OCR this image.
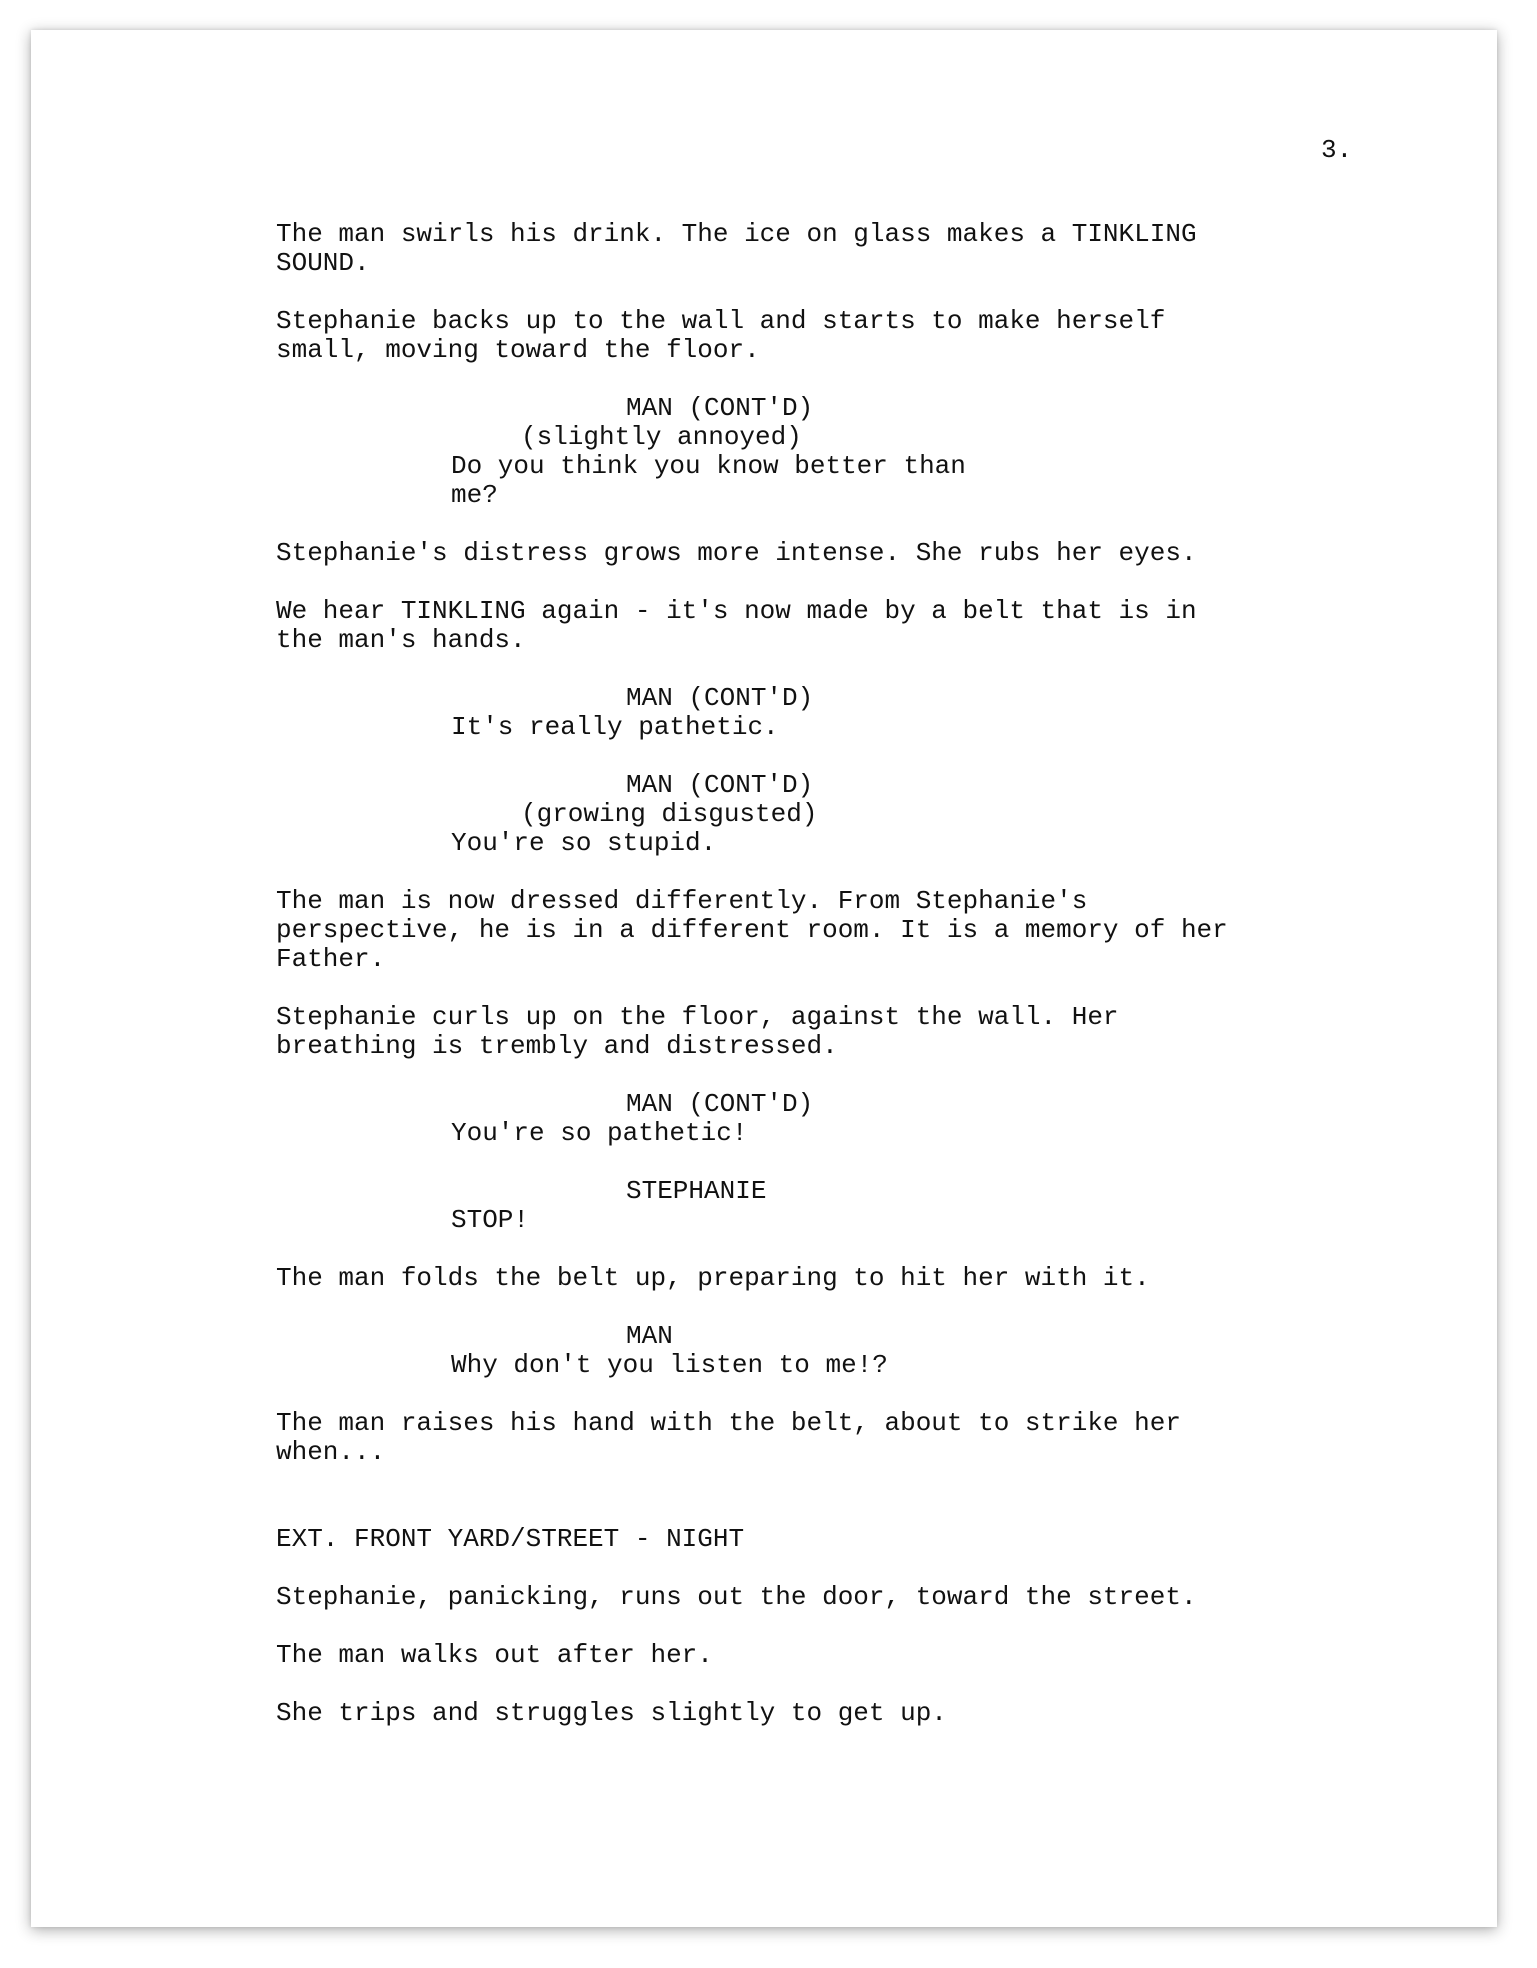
3.
The man swirls his drink. The ice on glass makes a TINKLING
SOUND.
Stephanie backs up to the wall and starts to make herself
small, moving toward the floor.
MAN (CONT'D)
(slightly annoyed)
Do you think you know better than
me?
Stephanie's distress grows more intense. She rubs her eyes.
We hear TINKLING again - it's now made by a belt that is in
the man's hands.
MAN (CONT'D)
It's really pathetic.
MAN (CONT'D)
(growing disgusted)
You're so stupid.
The man is now dressed differently. From Stephanie's
perspective, he is in a different room. It is a memory of her
Father.
Stephanie curls up on the floor, against the wall. Her
breathing is trembly and distressed.
MAN (CONT'D)
You're so pathetic!
STEPHANIE
STOP!
The man folds the belt up, preparing to hit her with it.
MAN
Why don't you listen to me!?
The man raises his hand with the belt, about to strike her
when...
EXT. FRONT YARD/STREET - NIGHT
Stephanie, panicking, runs out the door, toward the street.
The man walks out after her.
She trips and struggles slightly to get up.
